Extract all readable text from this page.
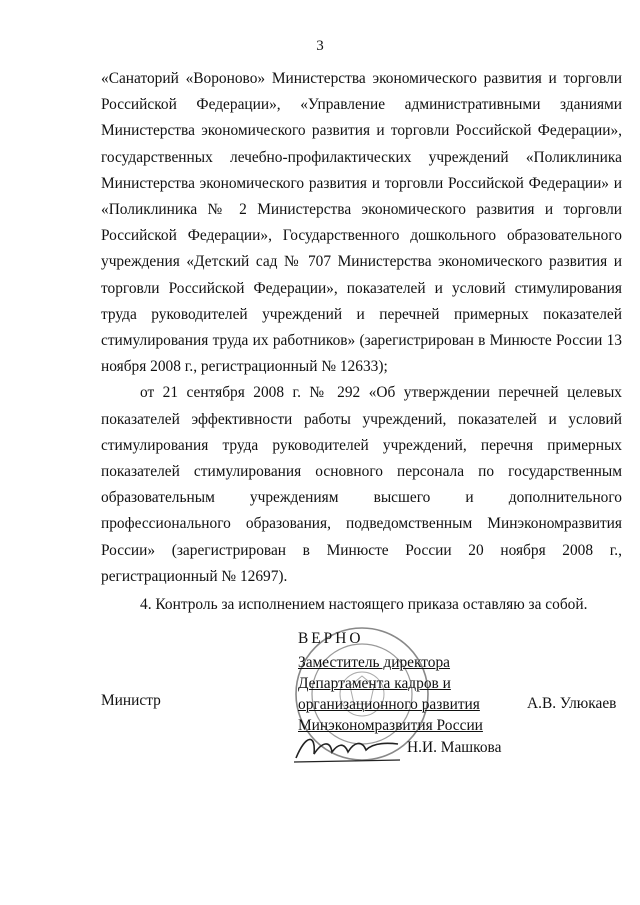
3

«Санаторий «Вороново» Министерства экономического развития и торговли Российской Федерации», «Управление административными зданиями Министерства экономического развития и торговли Российской Федерации», государственных лечебно-профилактических учреждений «Поликлиника Министерства экономического развития и торговли Российской Федерации» и «Поликлиника № 2 Министерства экономического развития и торговли Российской Федерации», Государственного дошкольного образовательного учреждения «Детский сад № 707 Министерства экономического развития и торговли Российской Федерации», показателей и условий стимулирования труда руководителей учреждений и перечней примерных показателей стимулирования труда их работников» (зарегистрирован в Минюсте России 13 ноября 2008 г., регистрационный № 12633);

от 21 сентября 2008 г. № 292 «Об утверждении перечней целевых показателей эффективности работы учреждений, показателей и условий стимулирования труда руководителей учреждений, перечня примерных показателей стимулирования основного персонала по государственным образовательным учреждениям высшего и дополнительного профессионального образования, подведомственным Минэкономразвития России» (зарегистрирован в Минюсте России 20 ноября 2008 г., регистрационный № 12697).

4. Контроль за исполнением настоящего приказа оставляю за собой.

Министр	А.В. Улюкаев
ВЕРНО
Заместитель директора
Департамента кадров и
организационного развития
Минэкономразвития России
Н.И. Машкова
